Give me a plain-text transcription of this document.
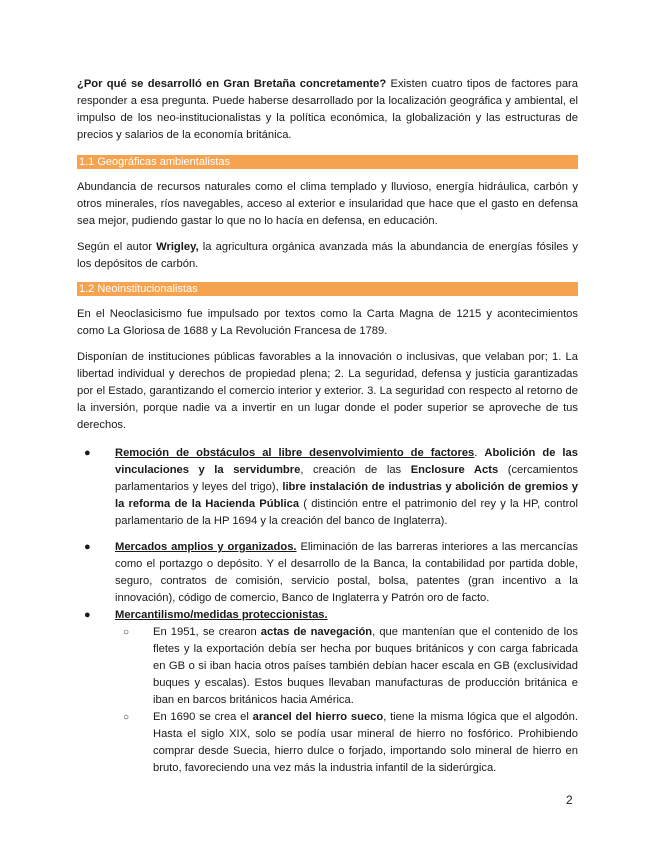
¿Por qué se desarrolló en Gran Bretaña concretamente? Existen cuatro tipos de factores para responder a esa pregunta. Puede haberse desarrollado por la localización geográfica y ambiental, el impulso de los neo-institucionalistas y la política económica, la globalización y las estructuras de precios y salarios de la economía británica.

1.1 Geográficas ambientalistas

Abundancia de recursos naturales como el clima templado y lluvioso, energía hidráulica, carbón y otros minerales, ríos navegables, acceso al exterior e insularidad que hace que el gasto en defensa sea mejor, pudiendo gastar lo que no lo hacía en defensa, en educación.

Según el autor Wrigley, la agricultura orgánica avanzada más la abundancia de energías fósiles y los depósitos de carbón.

1.2 Neoinstitucionalistas

En el Neoclasicismo fue impulsado por textos como la Carta Magna de 1215 y acontecimientos como La Gloriosa de 1688 y La Revolución Francesa de 1789.

Disponían de instituciones públicas favorables a la innovación o inclusivas, que velaban por; 1. La libertad individual y derechos de propiedad plena; 2. La seguridad, defensa y justicia garantizadas por el Estado, garantizando el comercio interior y exterior. 3. La seguridad con respecto al retorno de la inversión, porque nadie va a invertir en un lugar donde el poder superior se aproveche de tus derechos.

● Remoción de obstáculos al libre desenvolvimiento de factores. Abolición de las vinculaciones y la servidumbre, creación de las Enclosure Acts (cercamientos parlamentarios y leyes del trigo), libre instalación de industrias y abolición de gremios y la reforma de la Hacienda Pública ( distinción entre el patrimonio del rey y la HP, control parlamentario de la HP 1694 y la creación del banco de Inglaterra).
● Mercados amplios y organizados. Eliminación de las barreras interiores a las mercancías como el portazgo o depósito. Y el desarrollo de la Banca, la contabilidad por partida doble, seguro, contratos de comisión, servicio postal, bolsa, patentes (gran incentivo a la innovación), código de comercio, Banco de Inglaterra y Patrón oro de facto.
● Mercantilismo/medidas proteccionistas.
○ En 1951, se crearon actas de navegación, que mantenían que el contenido de los fletes y la exportación debía ser hecha por buques británicos y con carga fabricada en GB o si iban hacia otros países también debían hacer escala en GB (exclusividad buques y escalas). Estos buques llevaban manufacturas de producción británica e iban en barcos británicos hacia América.
○ En 1690 se crea el arancel del hierro sueco, tiene la misma lógica que el algodón. Hasta el siglo XIX, solo se podía usar mineral de hierro no fosfórico. Prohibiendo comprar desde Suecia, hierro dulce o forjado, importando solo mineral de hierro en bruto, favoreciendo una vez más la industria infantil de la siderúrgica.
2
